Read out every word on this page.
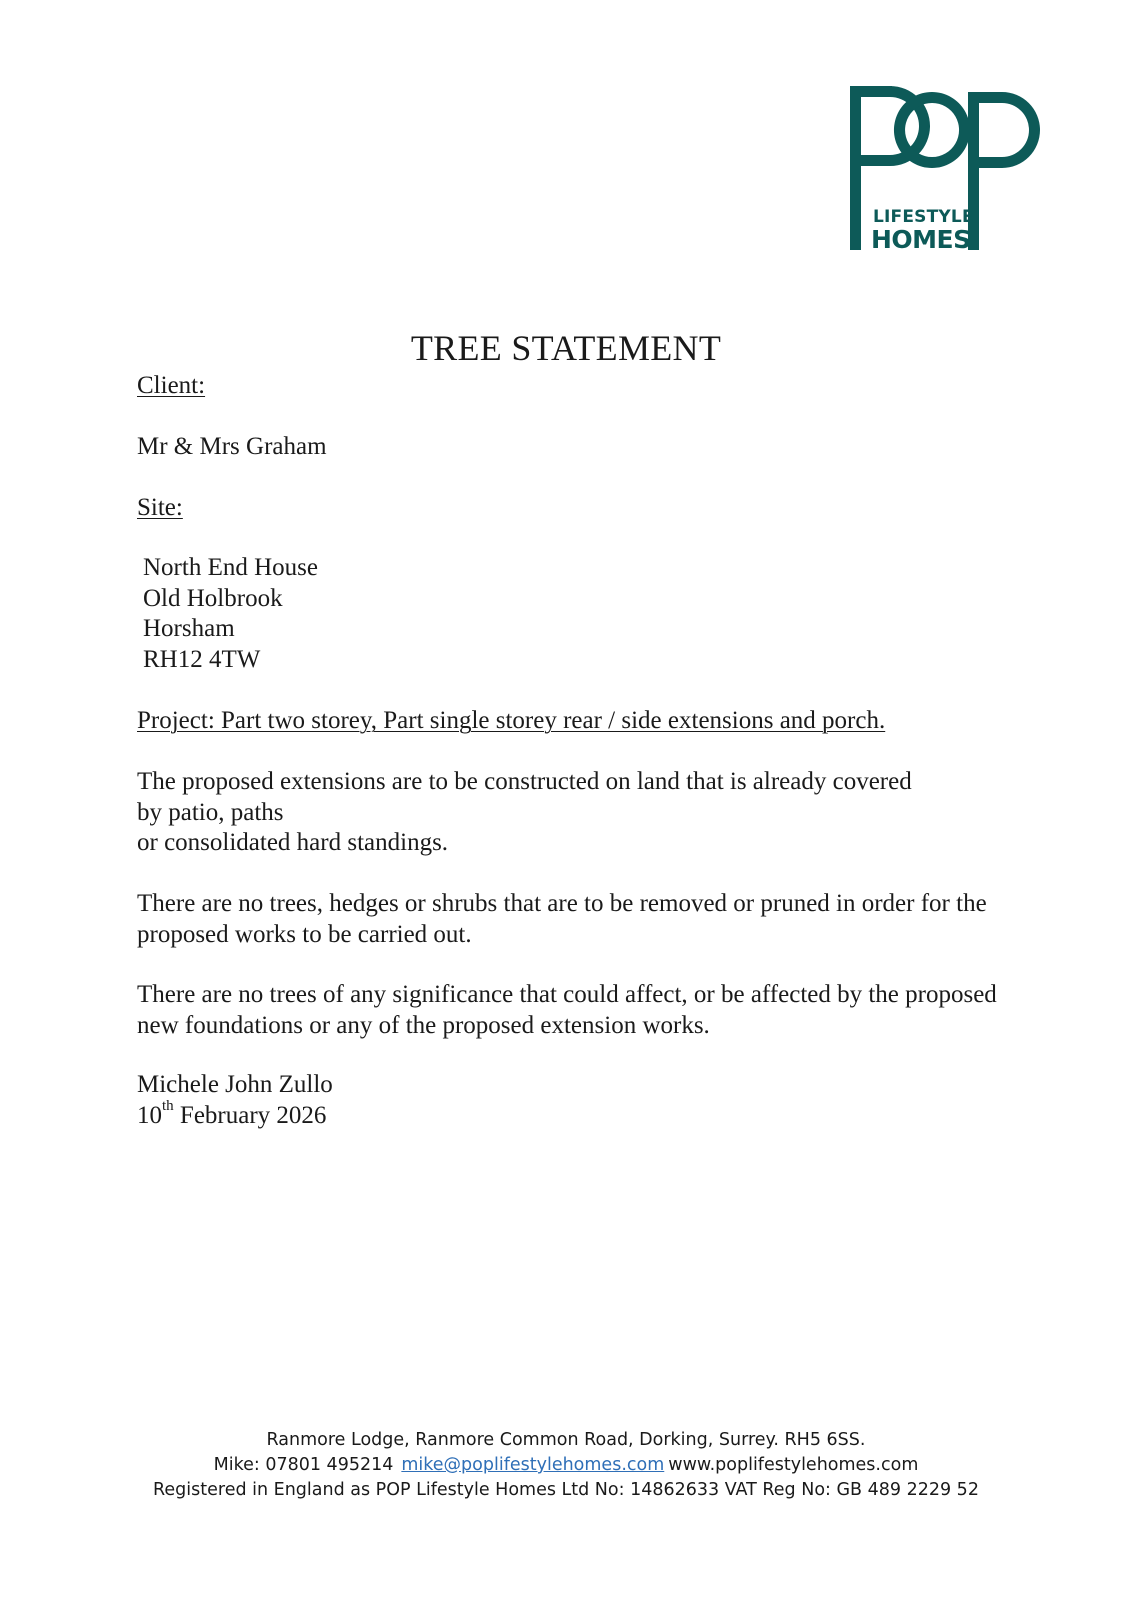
LIFESTYLE
HOMES
TREE STATEMENT
Client:
Mr & Mrs Graham
Site:
North End House
Old Holbrook
Horsham
RH12 4TW
Project: Part two storey, Part single storey rear / side extensions and porch.
The proposed extensions are to be constructed on land that is already covered
by patio, paths
or consolidated hard standings.
There are no trees, hedges or shrubs that are to be removed or pruned in order for the proposed works to be carried out.
There are no trees of any significance that could affect, or be affected by the proposed new foundations or any of the proposed extension works.
Michele John Zullo
10th February 2026
Ranmore Lodge, Ranmore Common Road, Dorking, Surrey. RH5 6SS.
Mike: 07801 495214 mike@poplifestylehomes.com www.poplifestylehomes.com
Registered in England as POP Lifestyle Homes Ltd No: 14862633 VAT Reg No: GB 489 2229 52
